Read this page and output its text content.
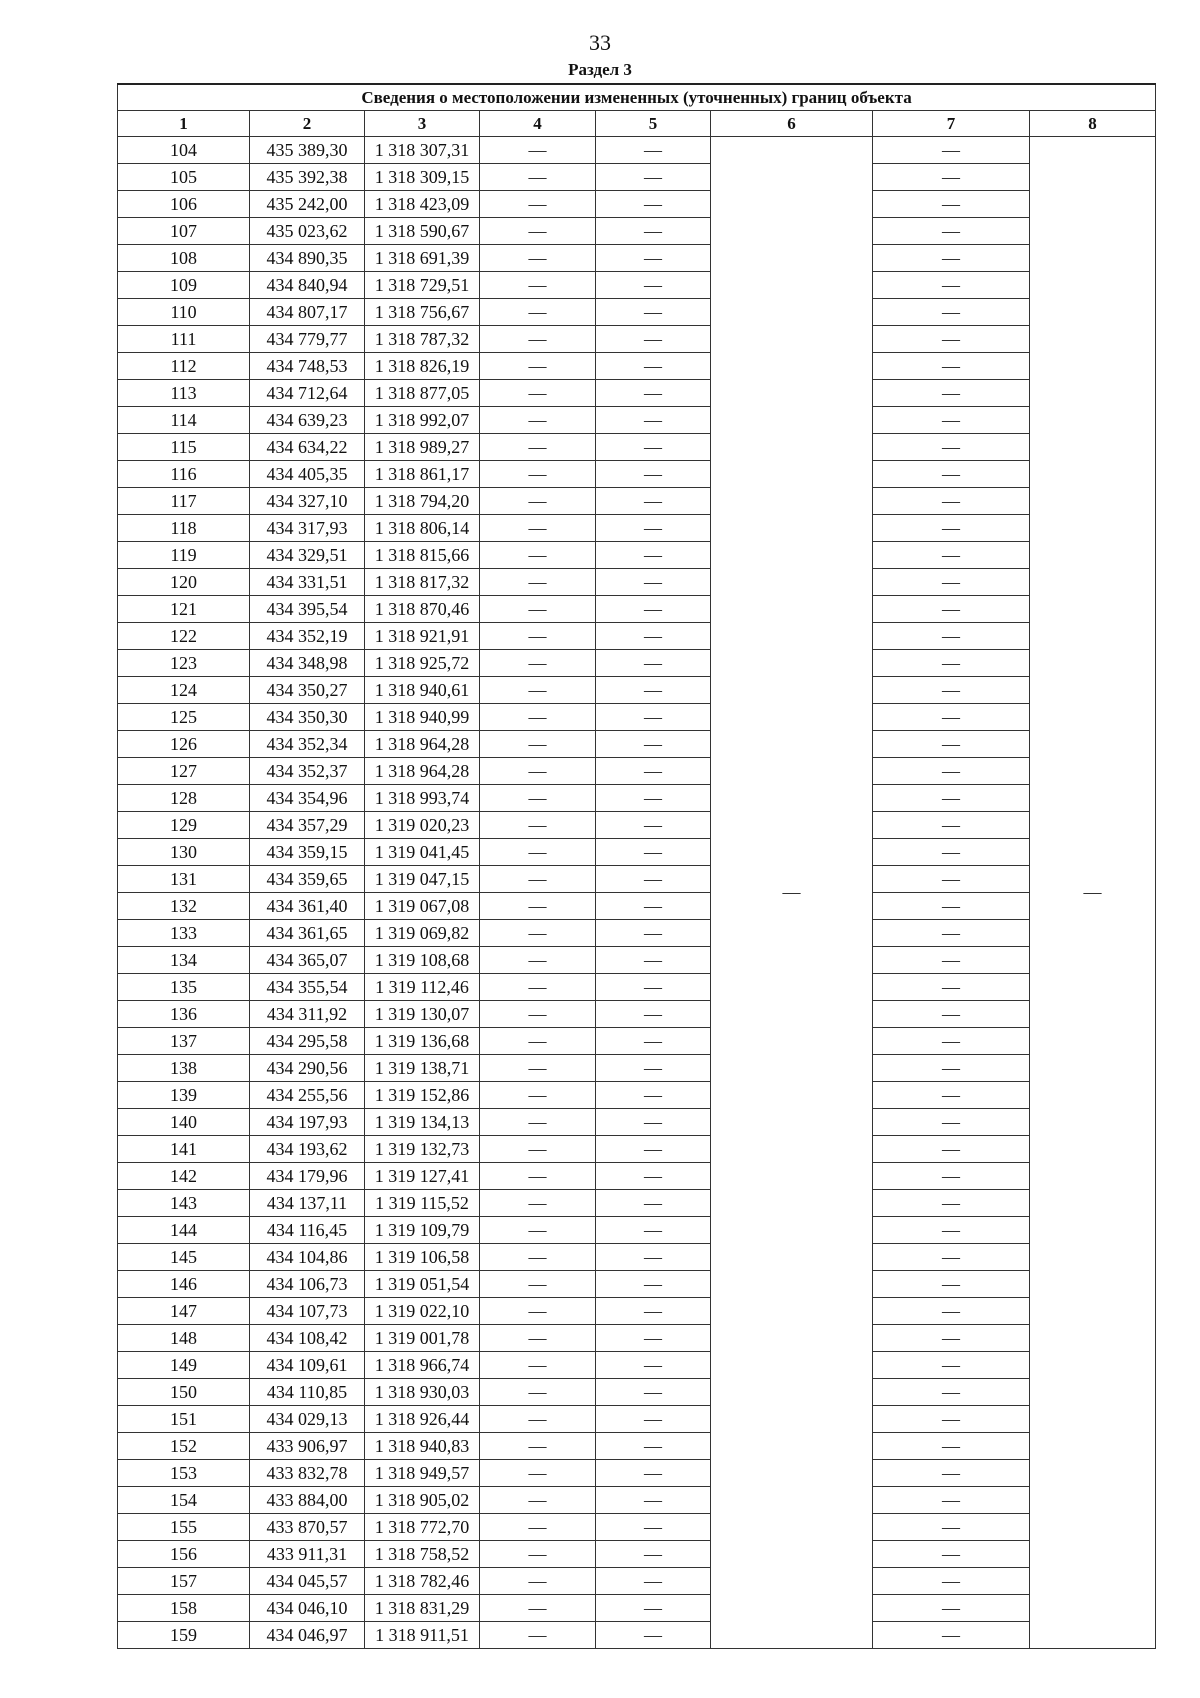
33
Раздел 3
Сведения о местоположении измененных (уточненных) границ объекта							
1	2	3	4	5	6	7	8
104	435 389,30	1 318 307,31	—	—	—	—	—
105	435 392,38	1 318 309,15	—	—		—	
106	435 242,00	1 318 423,09	—	—		—	
107	435 023,62	1 318 590,67	—	—		—	
108	434 890,35	1 318 691,39	—	—		—	
109	434 840,94	1 318 729,51	—	—		—	
110	434 807,17	1 318 756,67	—	—		—	
111	434 779,77	1 318 787,32	—	—		—	
112	434 748,53	1 318 826,19	—	—		—	
113	434 712,64	1 318 877,05	—	—		—	
114	434 639,23	1 318 992,07	—	—		—	
115	434 634,22	1 318 989,27	—	—		—	
116	434 405,35	1 318 861,17	—	—		—	
117	434 327,10	1 318 794,20	—	—		—	
118	434 317,93	1 318 806,14	—	—		—	
119	434 329,51	1 318 815,66	—	—		—	
120	434 331,51	1 318 817,32	—	—		—	
121	434 395,54	1 318 870,46	—	—		—	
122	434 352,19	1 318 921,91	—	—		—	
123	434 348,98	1 318 925,72	—	—		—	
124	434 350,27	1 318 940,61	—	—		—	
125	434 350,30	1 318 940,99	—	—		—	
126	434 352,34	1 318 964,28	—	—		—	
127	434 352,37	1 318 964,28	—	—		—	
128	434 354,96	1 318 993,74	—	—		—	
129	434 357,29	1 319 020,23	—	—		—	
130	434 359,15	1 319 041,45	—	—		—	
131	434 359,65	1 319 047,15	—	—		—	
132	434 361,40	1 319 067,08	—	—		—	
133	434 361,65	1 319 069,82	—	—		—	
134	434 365,07	1 319 108,68	—	—		—	
135	434 355,54	1 319 112,46	—	—		—	
136	434 311,92	1 319 130,07	—	—		—	
137	434 295,58	1 319 136,68	—	—		—	
138	434 290,56	1 319 138,71	—	—		—	
139	434 255,56	1 319 152,86	—	—		—	
140	434 197,93	1 319 134,13	—	—		—	
141	434 193,62	1 319 132,73	—	—		—	
142	434 179,96	1 319 127,41	—	—		—	
143	434 137,11	1 319 115,52	—	—		—	
144	434 116,45	1 319 109,79	—	—		—	
145	434 104,86	1 319 106,58	—	—		—	
146	434 106,73	1 319 051,54	—	—		—	
147	434 107,73	1 319 022,10	—	—		—	
148	434 108,42	1 319 001,78	—	—		—	
149	434 109,61	1 318 966,74	—	—		—	
150	434 110,85	1 318 930,03	—	—		—	
151	434 029,13	1 318 926,44	—	—		—	
152	433 906,97	1 318 940,83	—	—		—	
153	433 832,78	1 318 949,57	—	—		—	
154	433 884,00	1 318 905,02	—	—		—	
155	433 870,57	1 318 772,70	—	—		—	
156	433 911,31	1 318 758,52	—	—		—	
157	434 045,57	1 318 782,46	—	—		—	
158	434 046,10	1 318 831,29	—	—		—	
159	434 046,97	1 318 911,51	—	—		—	
